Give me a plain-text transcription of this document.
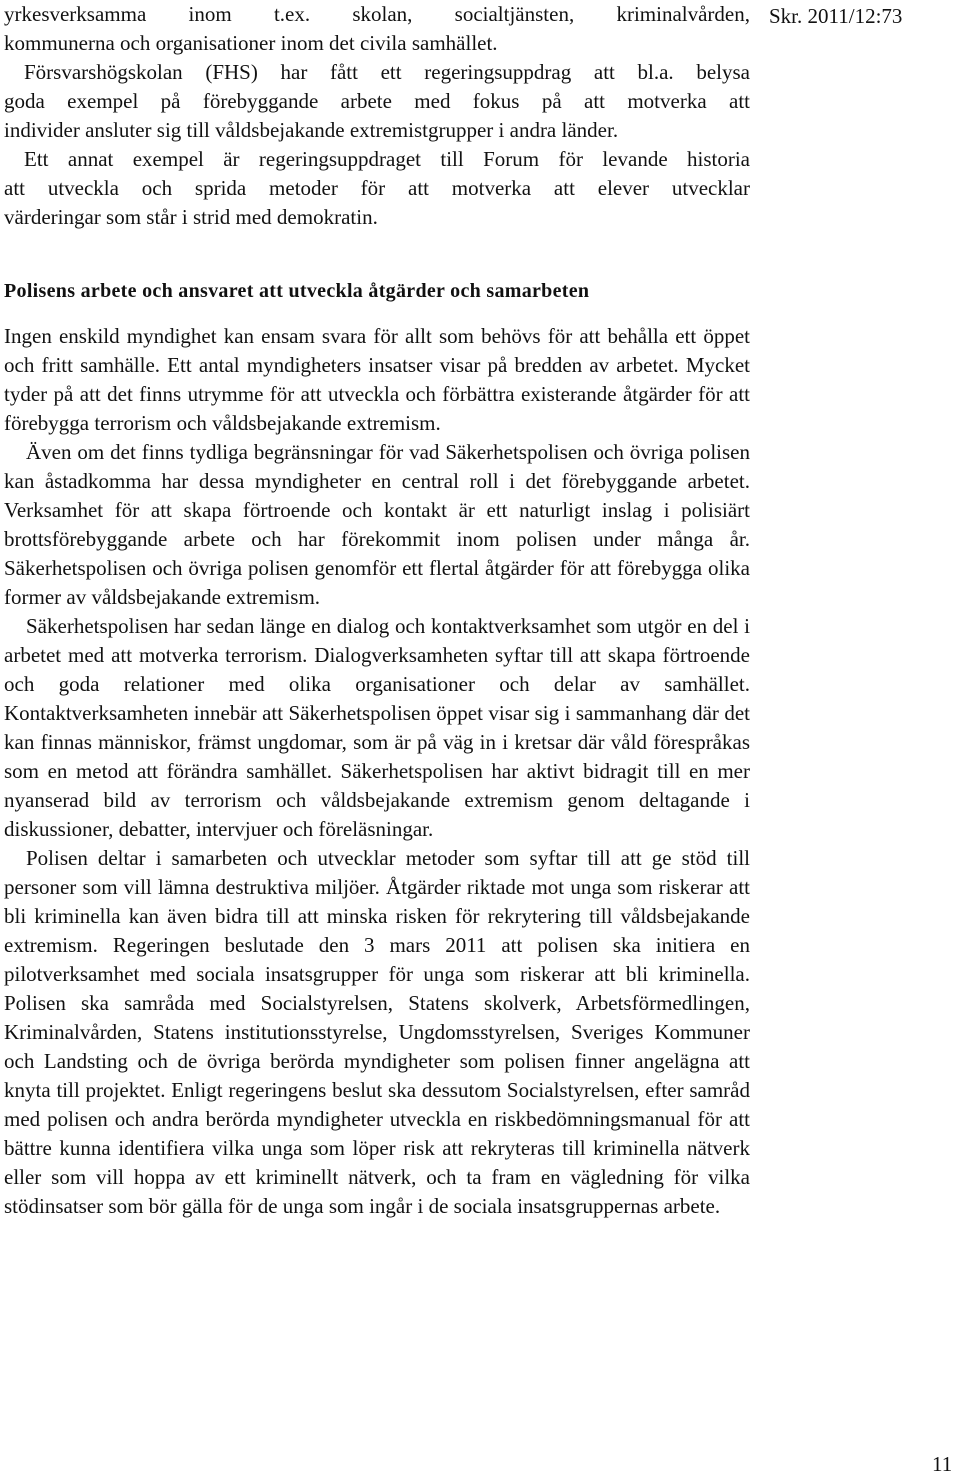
Skr. 2011/12:73

yrkesverksamma inom t.ex. skolan, socialtjänsten, kriminalvården,
kommunerna och organisationer inom det civila samhället.
Försvarshögskolan (FHS) har fått ett regeringsuppdrag att bl.a. belysa
goda exempel på förebyggande arbete med fokus på att motverka att
individer ansluter sig till våldsbejakande extremistgrupper i andra länder.
Ett annat exempel är regeringsuppdraget till Forum för levande historia
att utveckla och sprida metoder för att motverka att elever utvecklar
värderingar som står i strid med demokratin.

Polisens arbete och ansvaret att utveckla åtgärder och samarbeten

Ingen enskild myndighet kan ensam svara för allt som behövs för att behålla ett öppet och fritt samhälle. Ett antal myndigheters insatser visar på bredden av arbetet. Mycket tyder på att det finns utrymme för att utveckla och förbättra existerande åtgärder för att förebygga terrorism och våldsbejakande extremism.

Även om det finns tydliga begränsningar för vad Säkerhetspolisen och övriga polisen kan åstadkomma har dessa myndigheter en central roll i det förebyggande arbetet. Verksamhet för att skapa förtroende och kontakt är ett naturligt inslag i polisiärt brottsförebyggande arbete och har förekommit inom polisen under många år. Säkerhetspolisen och övriga polisen genomför ett flertal åtgärder för att förebygga olika former av våldsbejakande extremism.

Säkerhetspolisen har sedan länge en dialog och kontaktverksamhet som utgör en del i arbetet med att motverka terrorism. Dialogverksamheten syftar till att skapa förtroende och goda relationer med olika organisationer och delar av samhället. Kontaktverksamheten innebär att Säkerhetspolisen öppet visar sig i sammanhang där det kan finnas människor, främst ungdomar, som är på väg in i kretsar där våld förespråkas som en metod att förändra samhället. Säkerhetspolisen har aktivt bidragit till en mer nyanserad bild av terrorism och våldsbejakande extremism genom deltagande i diskussioner, debatter, intervjuer och föreläsningar.

Polisen deltar i samarbeten och utvecklar metoder som syftar till att ge stöd till personer som vill lämna destruktiva miljöer. Åtgärder riktade mot unga som riskerar att bli kriminella kan även bidra till att minska risken för rekrytering till våldsbejakande extremism. Regeringen beslutade den 3 mars 2011 att polisen ska initiera en pilotverksamhet med sociala insatsgrupper för unga som riskerar att bli kriminella. Polisen ska samråda med Socialstyrelsen, Statens skolverk, Arbetsförmedlingen, Kriminalvården, Statens institutionsstyrelse, Ungdomsstyrelsen, Sveriges Kommuner och Landsting och de övriga berörda myndigheter som polisen finner angelägna att knyta till projektet. Enligt regeringens beslut ska dessutom Socialstyrelsen, efter samråd med polisen och andra berörda myndigheter utveckla en riskbedömningsmanual för att bättre kunna identifiera vilka unga som löper risk att rekryteras till kriminella nätverk eller som vill hoppa av ett kriminellt nätverk, och ta fram en vägledning för vilka stödinsatser som bör gälla för de unga som ingår i de sociala insatsgruppernas arbete.

11
